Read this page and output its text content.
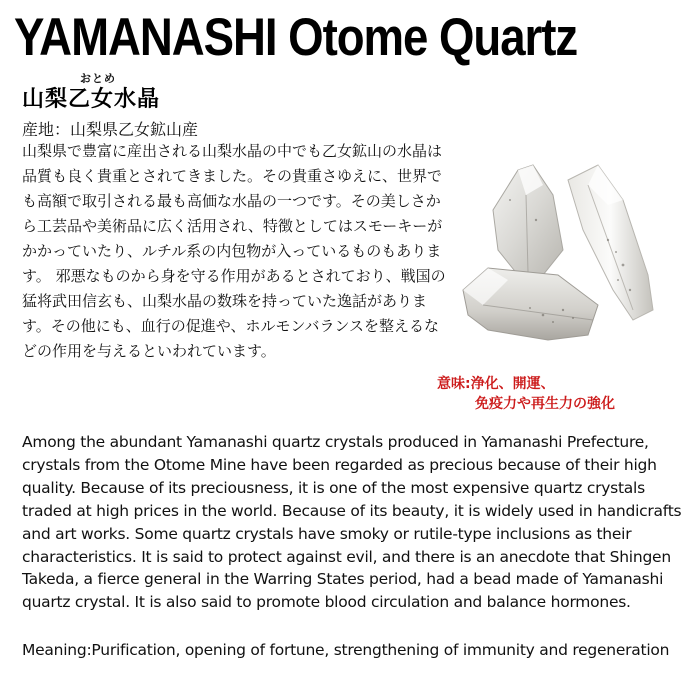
YAMANASHI Otome Quartz
おとめ
山梨乙女水晶
産地：山梨県乙女鉱山産
山梨県で豊富に産出される山梨水晶の中でも乙女鉱山の水晶は品質も良く貴重とされてきました。その貴重さゆえに、世界でも高額で取引される最も高価な水晶の一つです。その美しさから工芸品や美術品に広く活用され、特徴としてはスモーキーがかかっていたり、ルチル系の内包物が入っているものもあります。 邪悪なものから身を守る作用があるとされており、戦国の猛将武田信玄も、山梨水晶の数珠を持っていた逸話があります。その他にも、血行の促進や、ホルモンバランスを整えるなどの作用を与えるといわれています。
意味:浄化、開運、
免疫力や再生力の強化
Among the abundant Yamanashi quartz crystals produced in Yamanashi Prefecture, crystals from the Otome Mine have been regarded as precious because of their high quality. Because of its preciousness, it is one of the most expensive quartz crystals traded at high prices in the world. Because of its beauty, it is widely used in handicrafts and art works. Some quartz crystals have smoky or rutile-type inclusions as their characteristics. It is said to protect against evil, and there is an anecdote that Shingen Takeda, a fierce general in the Warring States period, had a bead made of Yamanashi quartz crystal. It is also said to promote blood circulation and balance hormones.
Meaning:Purification, opening of fortune, strengthening of immunity and regeneration
